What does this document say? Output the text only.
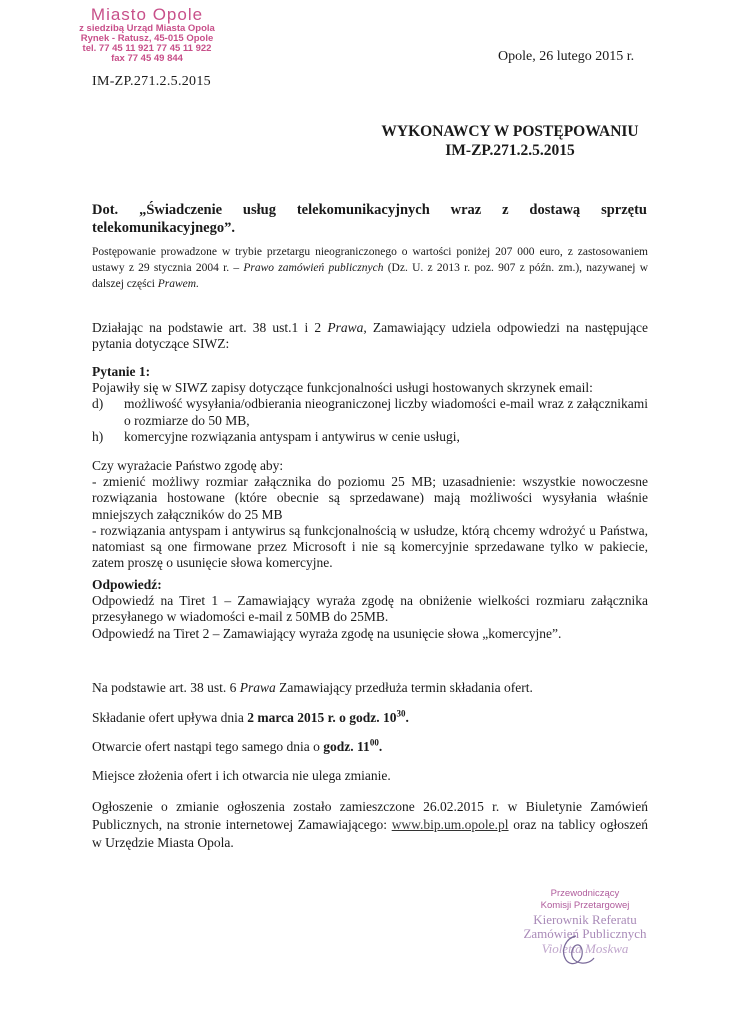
Miasto Opole
z siedzibą Urząd Miasta Opola
Rynek - Ratusz, 45-015 Opole
tel. 77 45 11 921 77 45 11 922
fax 77 45 49 844
IM-ZP.271.2.5.2015
Opole, 26 lutego 2015 r.
WYKONAWCY W POSTĘPOWANIU
IM-ZP.271.2.5.2015
Dot. „Świadczenie usług telekomunikacyjnych wraz z dostawą sprzętu
telekomunikacyjnego”.
Postępowanie prowadzone w trybie przetargu nieograniczonego o wartości poniżej 207 000 euro, z zastosowaniem ustawy z 29 stycznia 2004 r. – Prawo zamówień publicznych (Dz. U. z 2013 r. poz. 907 z późn. zm.), nazywanej w dalszej części Prawem.
Działając na podstawie art. 38 ust.1 i 2 Prawa, Zamawiający udziela odpowiedzi na następujące pytania dotyczące SIWZ:
Pytanie 1:
Pojawiły się w SIWZ zapisy dotyczące funkcjonalności usługi hostowanych skrzynek email:
d)	możliwość wysyłania/odbierania nieograniczonej liczby wiadomości e-mail wraz z załącznikami o rozmiarze do 50 MB,
h)	komercyjne rozwiązania antyspam i antywirus w cenie usługi,
Czy wyrażacie Państwo zgodę aby:
- zmienić możliwy rozmiar załącznika do poziomu 25 MB; uzasadnienie: wszystkie nowoczesne rozwiązania hostowane (które obecnie są sprzedawane) mają możliwości wysyłania właśnie mniejszych załączników do 25 MB
- rozwiązania antyspam i antywirus są funkcjonalnością w usłudze, którą chcemy wdrożyć u Państwa, natomiast są one firmowane przez Microsoft i nie są komercyjnie sprzedawane tylko w pakiecie, zatem proszę o usunięcie słowa komercyjne.
Odpowiedź:
Odpowiedź na Tiret 1 – Zamawiający wyraża zgodę na obniżenie wielkości rozmiaru załącznika przesyłanego w wiadomości e-mail z 50MB do 25MB.
Odpowiedź na Tiret 2 – Zamawiający wyraża zgodę na usunięcie słowa „komercyjne”.
Na podstawie art. 38 ust. 6 Prawa Zamawiający przedłuża termin składania ofert.
Składanie ofert upływa dnia 2 marca 2015 r. o godz. $10^{30}$.
Otwarcie ofert nastąpi tego samego dnia o godz. $11^{00}$.
Miejsce złożenia ofert i ich otwarcia nie ulega zmianie.
Ogłoszenie o zmianie ogłoszenia zostało zamieszczone 26.02.2015 r. w Biuletynie Zamówień Publicznych, na stronie internetowej Zamawiającego: www.bip.um.opole.pl oraz na tablicy ogłoszeń w Urzędzie Miasta Opola.
Przewodniczący
Komisji Przetargowej
Kierownik Referatu
Zamówień Publicznych
Violetta Moskwa
